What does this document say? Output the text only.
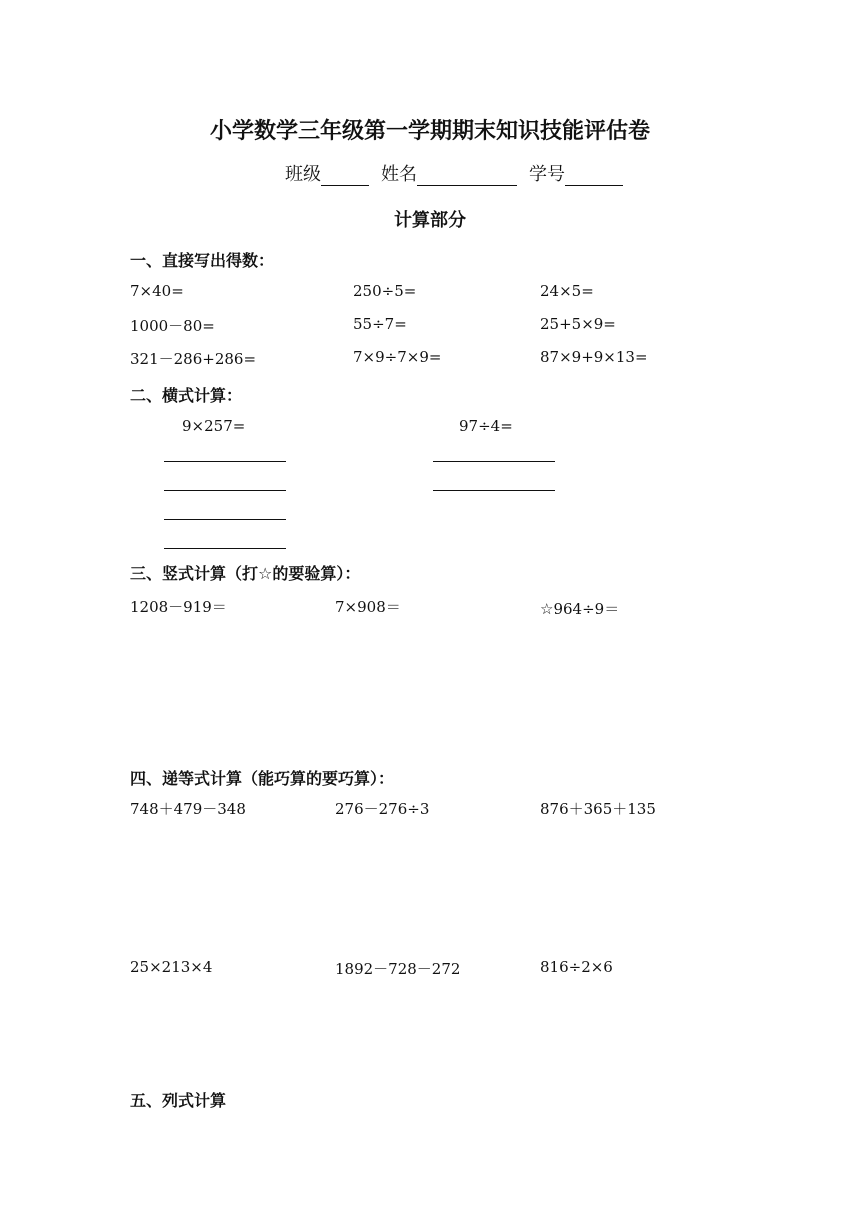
小学数学三年级第一学期期末知识技能评估卷
班级	姓名	学号
计算部分
一、直接写出得数：
7×40=	250÷5=	24×5=
1000－80=	55÷7=	25+5×9=
321－286+286=	7×9÷7×9=	87×9+9×13=
二、横式计算：
9×257=	97÷4=
三、竖式计算（打☆的要验算）：
1208－919＝	7×908＝	☆964÷9＝
四、递等式计算（能巧算的要巧算）：
748＋479－348	276－276÷3	876＋365＋135
25×213×4	1892－728－272	816÷2×6
五、列式计算
